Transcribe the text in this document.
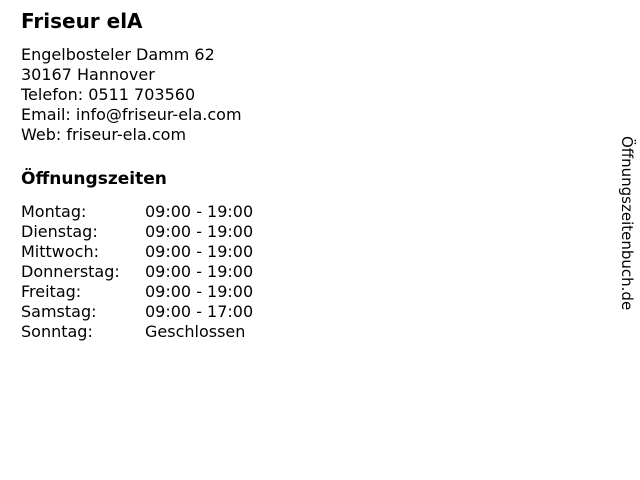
Friseur elA
Engelbosteler Damm 62
30167 Hannover
Telefon: 0511 703560
Email: info@friseur-ela.com
Web: friseur-ela.com
Öffnungszeiten
Montag:	09:00 - 19:00
Dienstag:	09:00 - 19:00
Mittwoch:	09:00 - 19:00
Donnerstag:	09:00 - 19:00
Freitag:	09:00 - 19:00
Samstag:	09:00 - 17:00
Sonntag:	Geschlossen
Öffnungszeitenbuch.de
